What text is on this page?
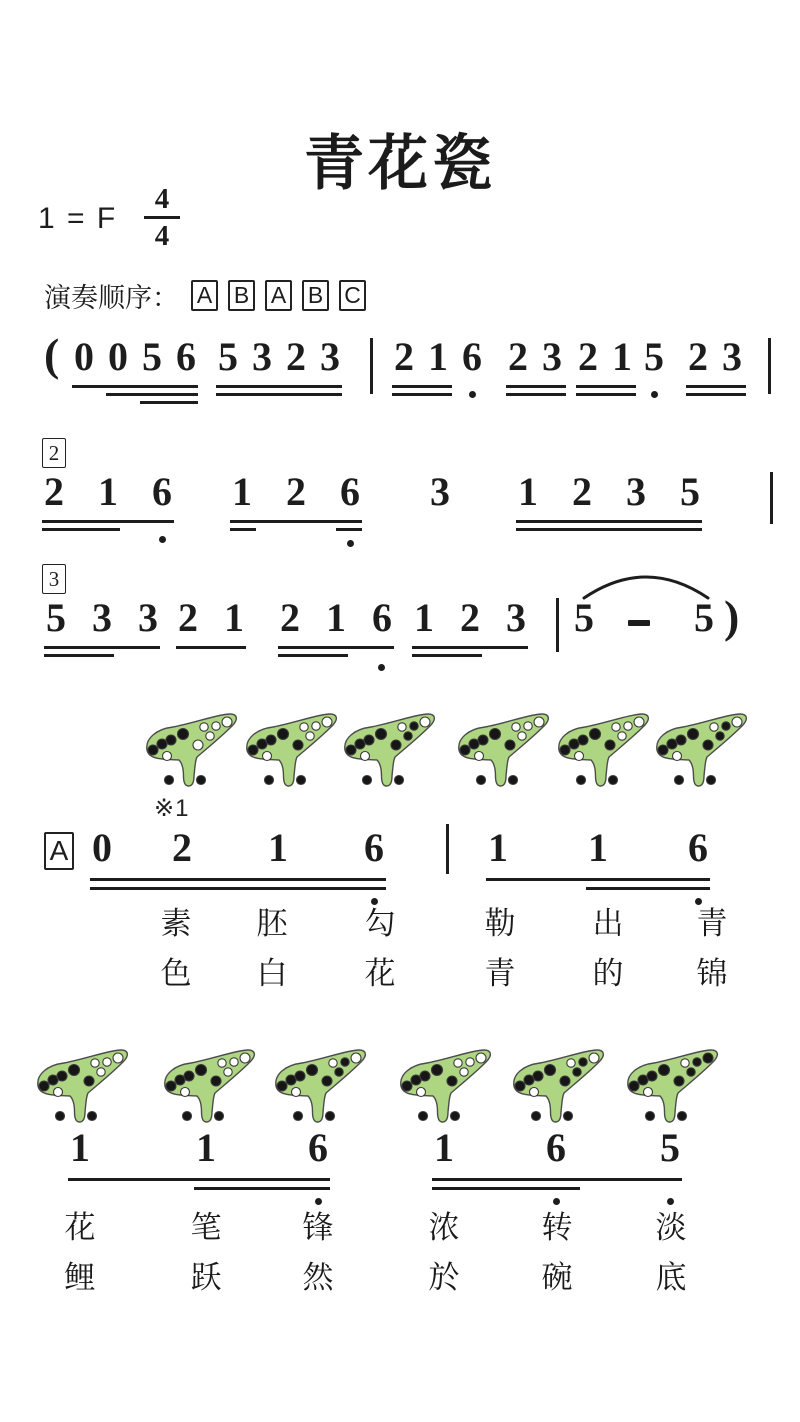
青花瓷
1 = F
4
4
演奏顺序： A B A B C
( 0 0 5 6 5 3 2 3 2 1 6 2 3 2 1 5 2 3
2
2 1 6 1 2 6 3 1 2 3 5
3
5 3 3 2 1 2 1 6 1 2 3 5	5 )
※1
A 0 2 1 6	1 1 6
素 胚 勾	勒 出 青
色 白 花	青 的 锦
1	1 6	1 6 5
花	笔	锋	浓	转	淡
鲤	跃	然	於	碗	底
